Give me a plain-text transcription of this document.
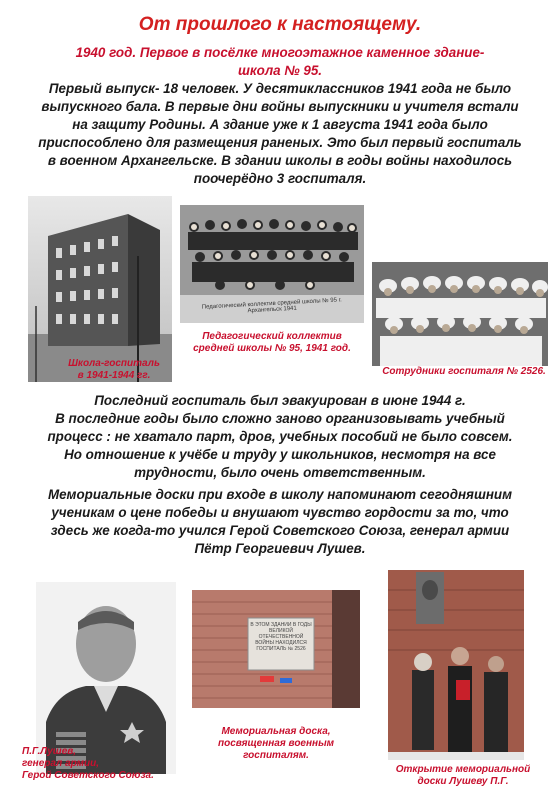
От прошлого к настоящему.
1940 год. Первое в посёлке многоэтажное каменное здание-
школа № 95.
Первый выпуск- 18 человек. У десятиклассников 1941 года не было
выпускного бала. В первые дни войны выпускники и учителя встали
на защиту Родины. А здание уже к 1 августа 1941 года было
приспособлено для размещения раненых. Это был первый госпиталь
в военном Архангельске. В здании школы в годы войны находилось
поочерёдно 3 госпиталя.
Школа-госпиталь
в 1941-1944 гг.
Педагогический коллектив средней школы № 95 г. Архангельск 1941
Педагогический коллектив
средней школы № 95, 1941 год.
Сотрудники госпиталя № 2526.
Последний госпиталь был эвакуирован в июне 1944 г.
В последние годы было сложно заново организовывать учебный
процесс : не хватало парт, дров, учебных пособий не было совсем.
Но отношение к учёбе и труду у школьников, несмотря на все
трудности, было очень ответственным.
Мемориальные доски при входе в школу напоминают сегодняшним
ученикам о цене победы и внушают чувство гордости за то, что
здесь же когда-то учился Герой Советского Союза, генерал армии
Пётр Георгиевич Лушев.
П.Г.Лушев,
генерал армии,
Герой Советского Союза.
В ЭТОМ ЗДАНИИ В ГОДЫ ВЕЛИКОЙ ОТЕЧЕСТВЕННОЙ ВОЙНЫ НАХОДИЛСЯ ГОСПИТАЛЬ № 2526
Мемориальная доска,
посвященная военным
госпиталям.
Открытие мемориальной
доски Лушеву П.Г.
